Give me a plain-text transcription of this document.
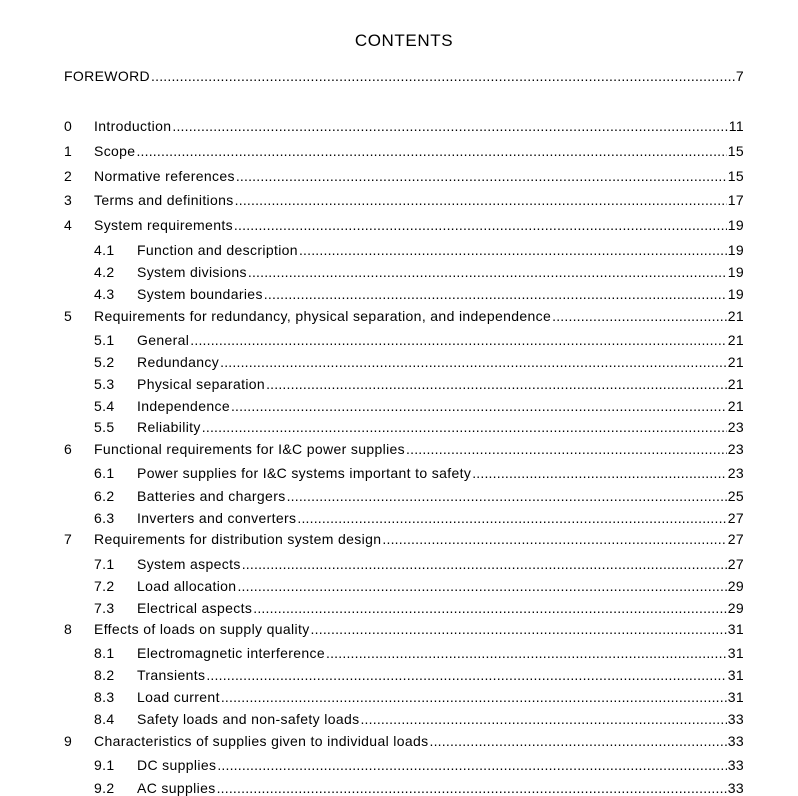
CONTENTS
FOREWORD .....	7
0	Introduction .....	11
1	Scope .....	15
2	Normative references .....	15
3	Terms and definitions .....	17
4	System requirements .....	19
4.1	Function and description .....	19
4.2	System divisions .....	19
4.3	System boundaries .....	19
5	Requirements for redundancy, physical separation, and independence .....	21
5.1	General .....	21
5.2	Redundancy .....	21
5.3	Physical separation .....	21
5.4	Independence .....	21
5.5	Reliability .....	23
6	Functional requirements for I&C power supplies .....	23
6.1	Power supplies for I&C systems important to safety .....	23
6.2	Batteries and chargers .....	25
6.3	Inverters and converters .....	27
7	Requirements for distribution system design .....	27
7.1	System aspects .....	27
7.2	Load allocation .....	29
7.3	Electrical aspects .....	29
8	Effects of loads on supply quality .....	31
8.1	Electromagnetic interference .....	31
8.2	Transients .....	31
8.3	Load current .....	31
8.4	Safety loads and non-safety loads .....	33
9	Characteristics of supplies given to individual loads .....	33
9.1	DC supplies .....	33
9.2	AC supplies .....	33
